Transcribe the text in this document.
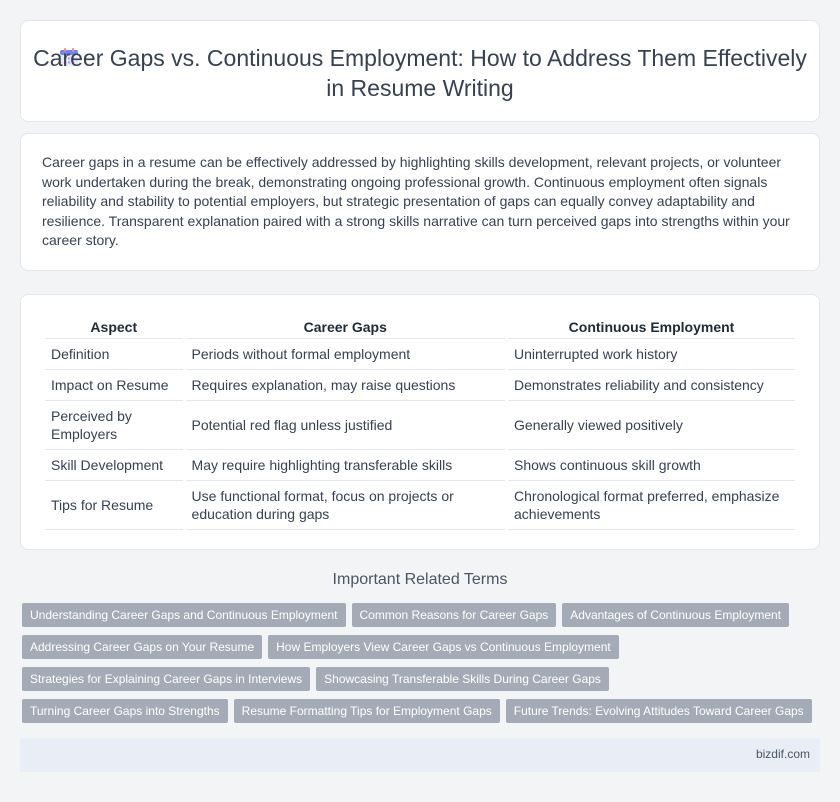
Career Gaps vs. Continuous Employment: How to Address Them Effectively in Resume Writing

Career gaps in a resume can be effectively addressed by highlighting skills development, relevant projects, or volunteer work undertaken during the break, demonstrating ongoing professional growth. Continuous employment often signals reliability and stability to potential employers, but strategic presentation of gaps can equally convey adaptability and resilience. Transparent explanation paired with a strong skills narrative can turn perceived gaps into strengths within your career story.

Aspect	Career Gaps	Continuous Employment
Definition	Periods without formal employment	Uninterrupted work history
Impact on Resume	Requires explanation, may raise questions	Demonstrates reliability and consistency
Perceived by Employers	Potential red flag unless justified	Generally viewed positively
Skill Development	May require highlighting transferable skills	Shows continuous skill growth
Tips for Resume	Use functional format, focus on projects or education during gaps	Chronological format preferred, emphasize achievements
Important Related Terms
Understanding Career Gaps and Continuous Employment	Common Reasons for Career Gaps	Advantages of Continuous Employment
Addressing Career Gaps on Your Resume	How Employers View Career Gaps vs Continuous Employment
Strategies for Explaining Career Gaps in Interviews	Showcasing Transferable Skills During Career Gaps
Turning Career Gaps into Strengths	Resume Formatting Tips for Employment Gaps	Future Trends: Evolving Attitudes Toward Career Gaps
bizdif.com
